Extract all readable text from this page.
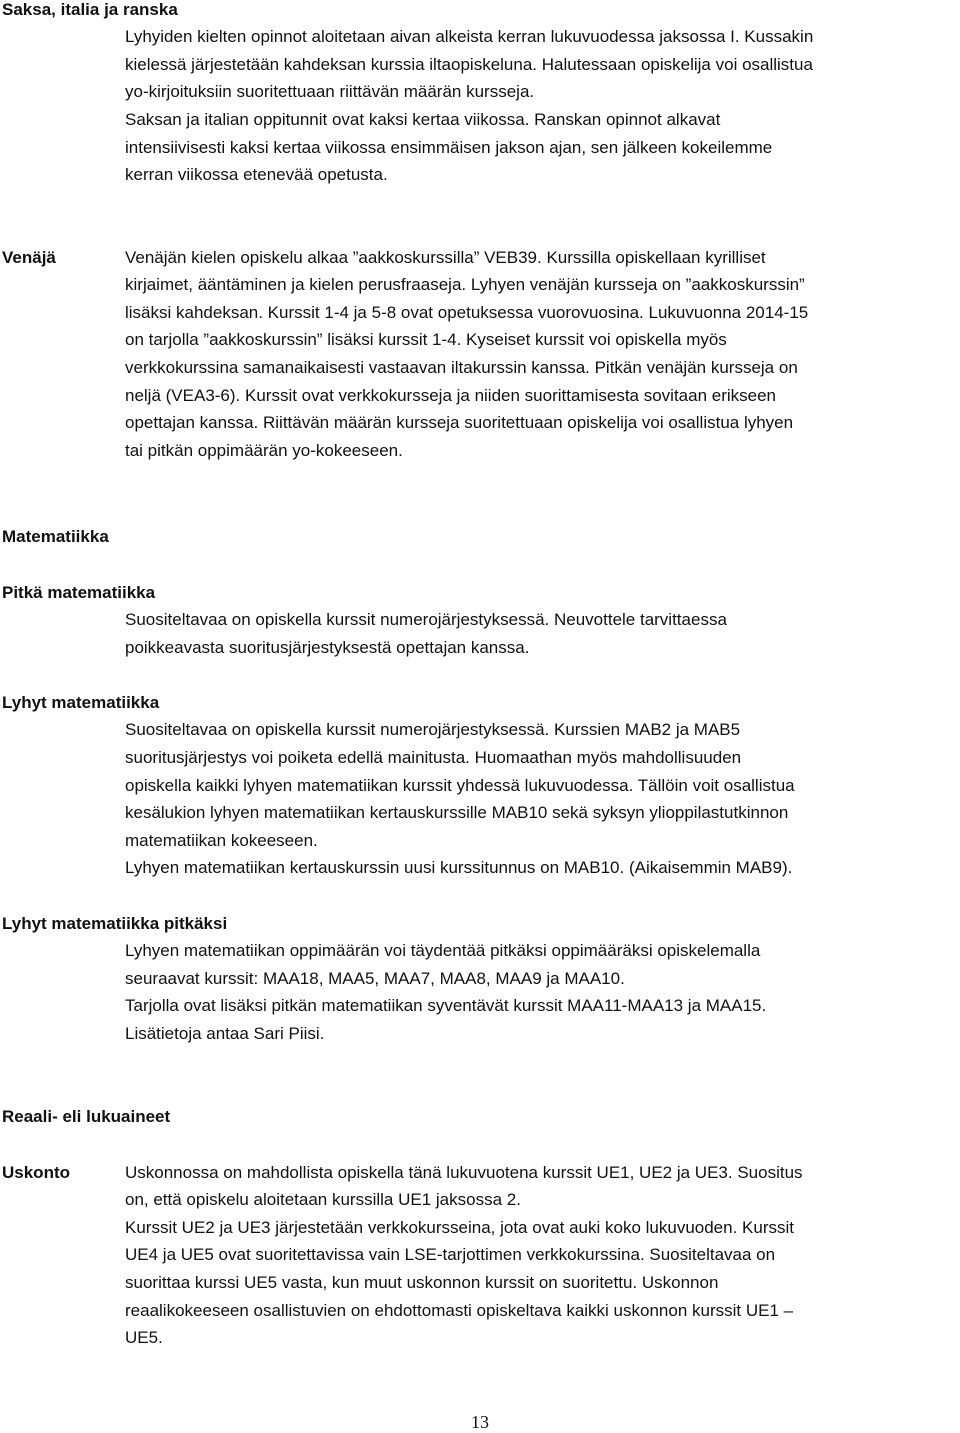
Saksa, italia ja ranska
Lyhyiden kielten opinnot aloitetaan aivan alkeista kerran lukuvuodessa jaksossa I. Kussakin
kielessä järjestetään kahdeksan kurssia iltaopiskeluna. Halutessaan opiskelija voi osallistua
yo-kirjoituksiin suoritettuaan riittävän määrän kursseja.
Saksan ja italian oppitunnit ovat kaksi kertaa viikossa. Ranskan opinnot alkavat
intensiivisesti kaksi kertaa viikossa ensimmäisen jakson ajan, sen jälkeen kokeilemme
kerran viikossa etenevää opetusta.
Venäjä	Venäjän kielen opiskelu alkaa ”aakkoskurssilla” VEB39. Kurssilla opiskellaan kyrilliset
kirjaimet, ääntäminen ja kielen perusfraaseja. Lyhyen venäjän kursseja on ”aakkoskurssin”
lisäksi kahdeksan. Kurssit 1-4 ja 5-8 ovat opetuksessa vuorovuosina. Lukuvuonna 2014-15
on tarjolla ”aakkoskurssin” lisäksi kurssit 1-4. Kyseiset kurssit voi opiskella myös
verkkokurssina samanaikaisesti vastaavan iltakurssin kanssa. Pitkän venäjän kursseja on
neljä (VEA3-6). Kurssit ovat verkkokursseja ja niiden suorittamisesta sovitaan erikseen
opettajan kanssa. Riittävän määrän kursseja suoritettuaan opiskelija voi osallistua lyhyen
tai pitkän oppimäärän yo-kokeeseen.
Matematiikka
Pitkä matematiikka
Suositeltavaa on opiskella kurssit numerojärjestyksessä. Neuvottele tarvittaessa
poikkeavasta suoritusjärjestyksestä opettajan kanssa.
Lyhyt matematiikka
Suositeltavaa on opiskella kurssit numerojärjestyksessä. Kurssien MAB2 ja MAB5
suoritusjärjestys voi poiketa edellä mainitusta. Huomaathan myös mahdollisuuden
opiskella kaikki lyhyen matematiikan kurssit yhdessä lukuvuodessa. Tällöin voit osallistua
kesälukion lyhyen matematiikan kertauskurssille MAB10 sekä syksyn ylioppilastutkinnon
matematiikan kokeeseen.
Lyhyen matematiikan kertauskurssin uusi kurssitunnus on MAB10. (Aikaisemmin MAB9).
Lyhyt matematiikka pitkäksi
Lyhyen matematiikan oppimäärän voi täydentää pitkäksi oppimääräksi opiskelemalla
seuraavat kurssit: MAA18, MAA5, MAA7, MAA8, MAA9 ja MAA10.
Tarjolla ovat lisäksi pitkän matematiikan syventävät kurssit MAA11-MAA13 ja MAA15.
Lisätietoja antaa Sari Piisi.
Reaali- eli lukuaineet
Uskonto	Uskonnossa on mahdollista opiskella tänä lukuvuotena kurssit UE1, UE2 ja UE3. Suositus
on, että opiskelu aloitetaan kurssilla UE1 jaksossa 2.
Kurssit UE2 ja UE3 järjestetään verkkokursseina, jota ovat auki koko lukuvuoden. Kurssit
UE4 ja UE5 ovat suoritettavissa vain LSE-tarjottimen verkkokurssina. Suositeltavaa on
suorittaa kurssi UE5 vasta, kun muut uskonnon kurssit on suoritettu. Uskonnon
reaalikokeeseen osallistuvien on ehdottomasti opiskeltava kaikki uskonnon kurssit UE1 –
UE5.
13
